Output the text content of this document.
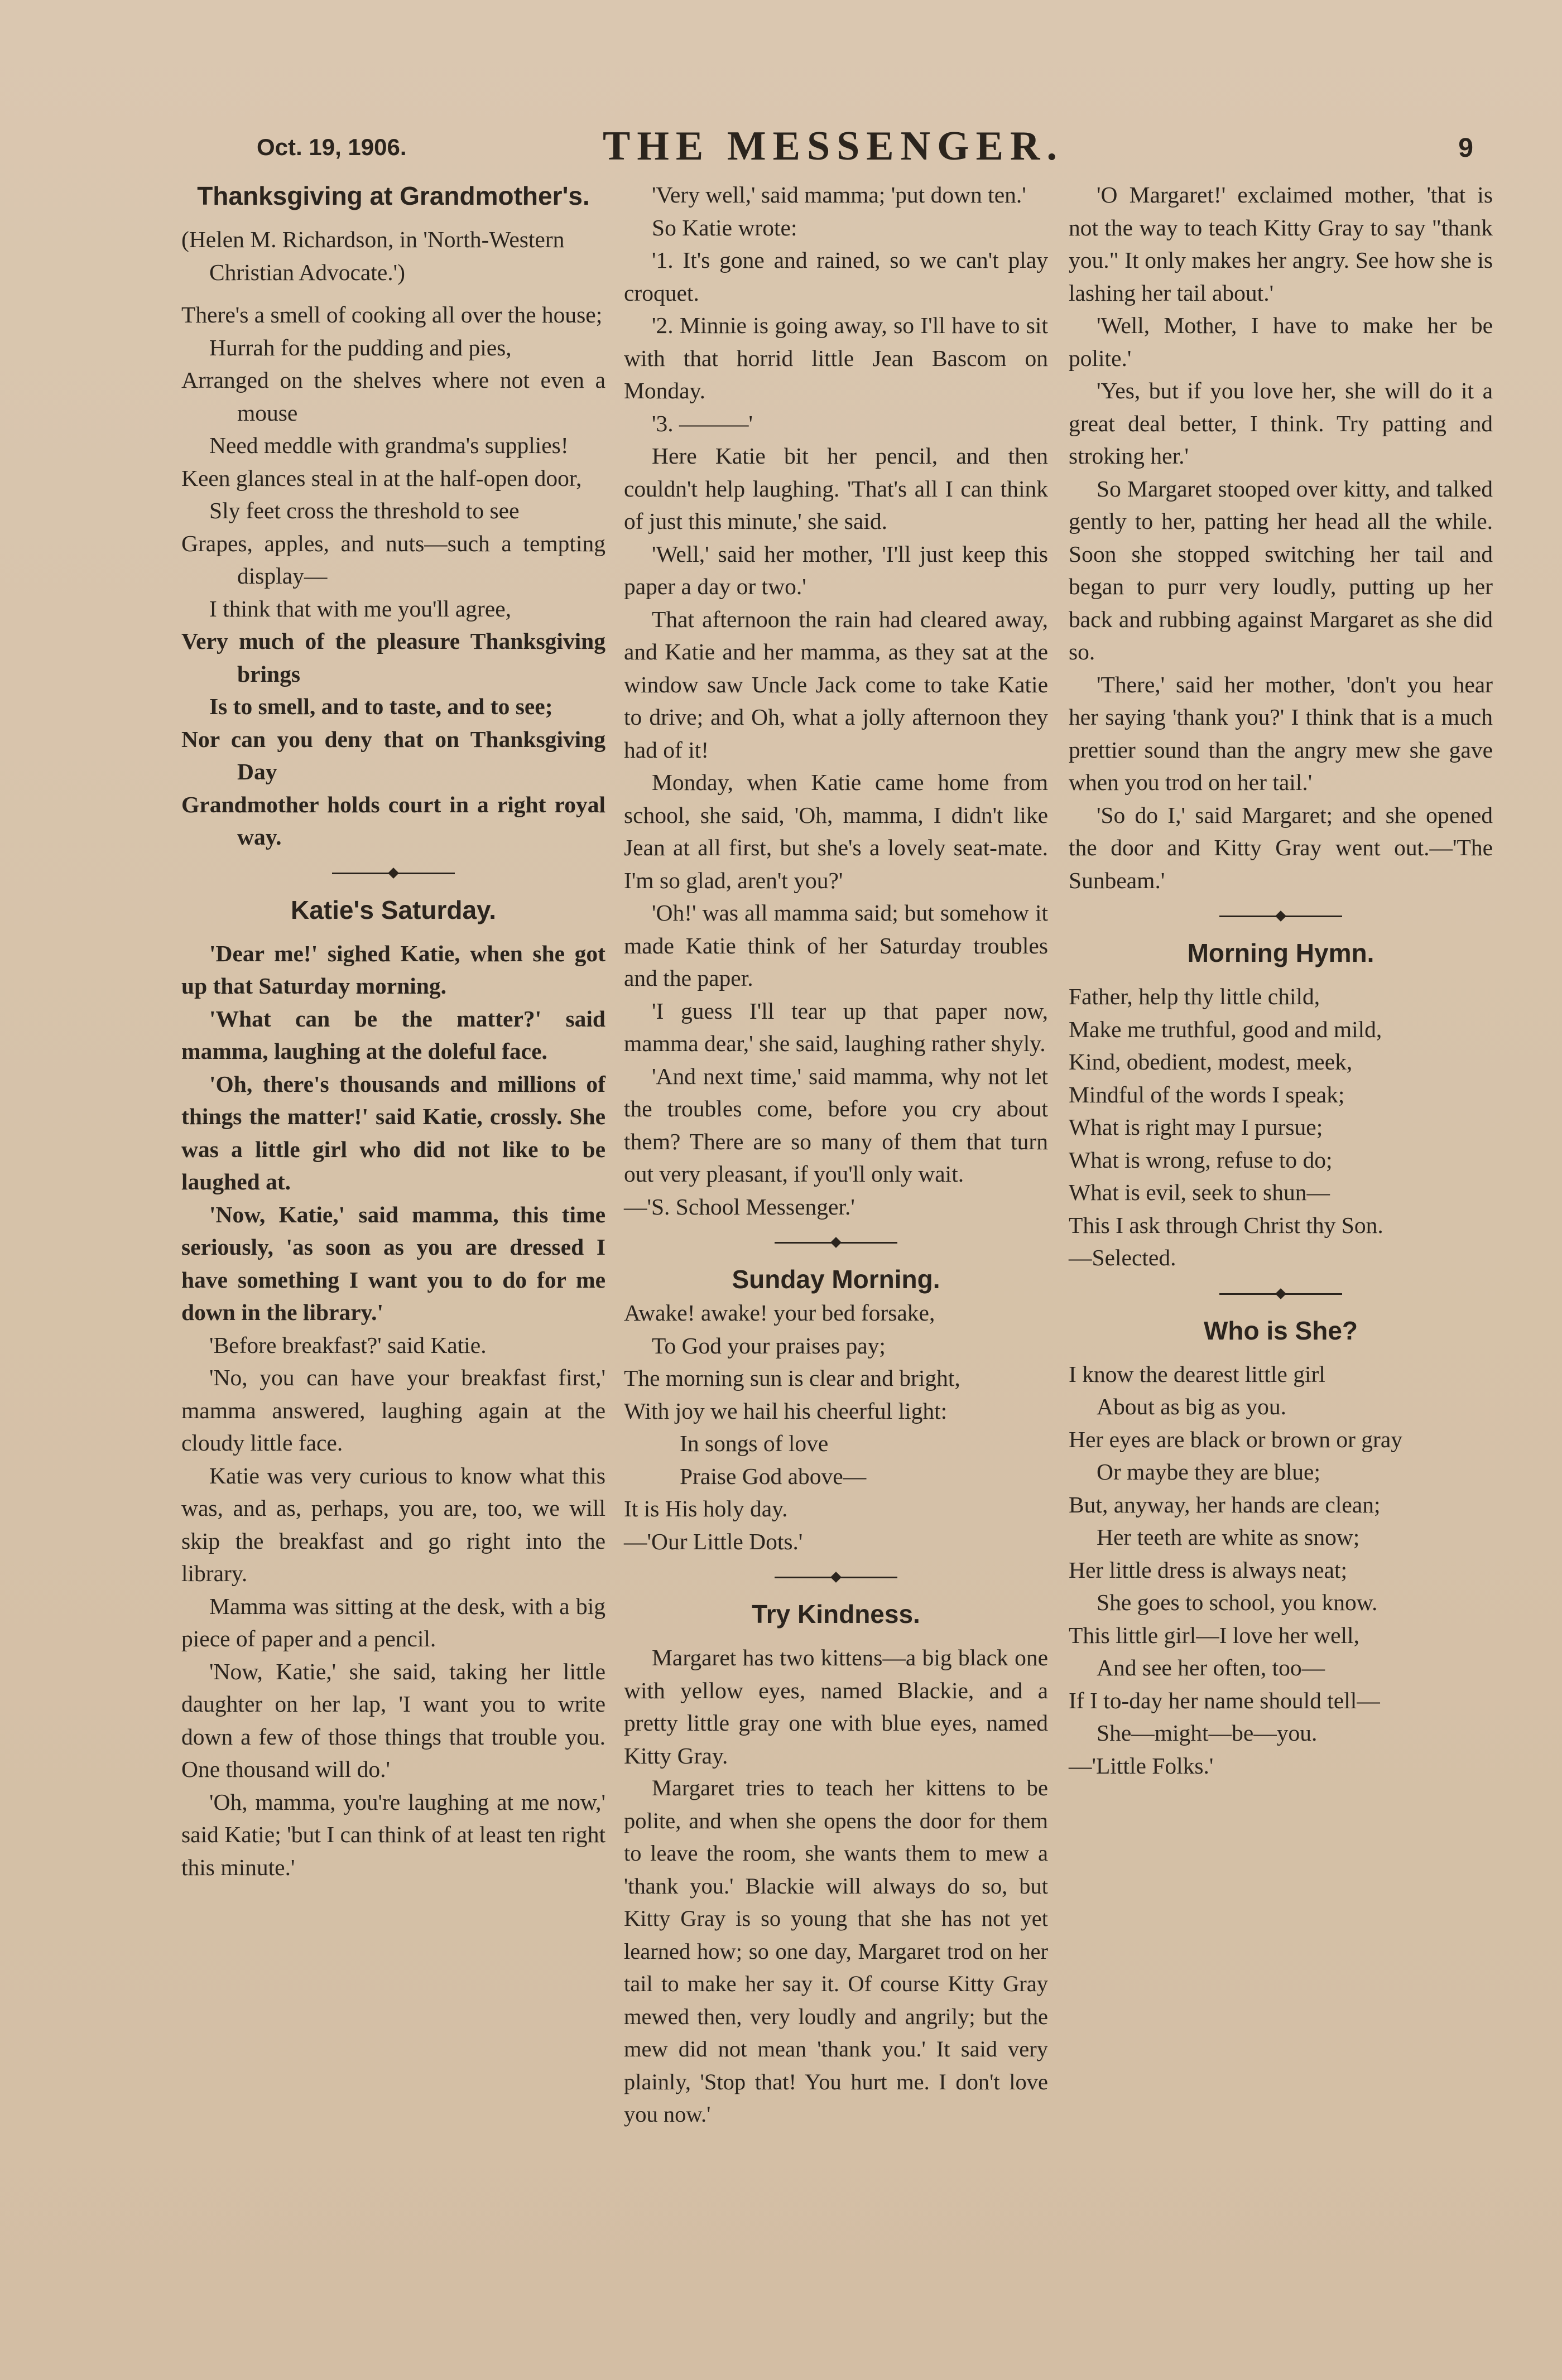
Oct. 19, 1906.	THE MESSENGER.	9
Thanksgiving at Grandmother's.

(Helen M. Richardson, in 'North-Western Christian Advocate.')

There's a smell of cooking all over the house;

Hurrah for the pudding and pies,

Arranged on the shelves where not even a mouse

Need meddle with grandma's supplies!

Keen glances steal in at the half-open door,

Sly feet cross the threshold to see

Grapes, apples, and nuts—such a tempting display—

I think that with me you'll agree,

Very much of the pleasure Thanksgiving brings

Is to smell, and to taste, and to see;

Nor can you deny that on Thanksgiving Day

Grandmother holds court in a right royal way.

Katie's Saturday.

'Dear me!' sighed Katie, when she got up that Saturday morning.

'What can be the matter?' said mamma, laughing at the doleful face.

'Oh, there's thousands and millions of things the matter!' said Katie, crossly. She was a little girl who did not like to be laughed at.

'Now, Katie,' said mamma, this time seriously, 'as soon as you are dressed I have something I want you to do for me down in the library.'

'Before breakfast?' said Katie.

'No, you can have your breakfast first,' mamma answered, laughing again at the cloudy little face.

Katie was very curious to know what this was, and as, perhaps, you are, too, we will skip the breakfast and go right into the library.

Mamma was sitting at the desk, with a big piece of paper and a pencil.

'Now, Katie,' she said, taking her little daughter on her lap, 'I want you to write down a few of those things that trouble you. One thousand will do.'

'Oh, mamma, you're laughing at me now,' said Katie; 'but I can think of at least ten right this minute.'

'Very well,' said mamma; 'put down ten.'

So Katie wrote:

'1. It's gone and rained, so we can't play croquet.

'2. Minnie is going away, so I'll have to sit with that horrid little Jean Bascom on Monday.

'3. ———'

Here Katie bit her pencil, and then couldn't help laughing. 'That's all I can think of just this minute,' she said.

'Well,' said her mother, 'I'll just keep this paper a day or two.'

That afternoon the rain had cleared away, and Katie and her mamma, as they sat at the window saw Uncle Jack come to take Katie to drive; and Oh, what a jolly afternoon they had of it!

Monday, when Katie came home from school, she said, 'Oh, mamma, I didn't like Jean at all first, but she's a lovely seat-mate. I'm so glad, aren't you?'

'Oh!' was all mamma said; but somehow it made Katie think of her Saturday troubles and the paper.

'I guess I'll tear up that paper now, mamma dear,' she said, laughing rather shyly.

'And next time,' said mamma, why not let the troubles come, before you cry about them? There are so many of them that turn out very pleasant, if you'll only wait.

—'S. School Messenger.'

Sunday Morning.

Awake! awake! your bed forsake,

To God your praises pay;

The morning sun is clear and bright,

With joy we hail his cheerful light:

In songs of love

Praise God above—

It is His holy day.

—'Our Little Dots.'

Try Kindness.

Margaret has two kittens—a big black one with yellow eyes, named Blackie, and a pretty little gray one with blue eyes, named Kitty Gray.

Margaret tries to teach her kittens to be polite, and when she opens the door for them to leave the room, she wants them to mew a 'thank you.' Blackie will always do so, but Kitty Gray is so young that she has not yet learned how; so one day, Margaret trod on her tail to make her say it. Of course Kitty Gray mewed then, very loudly and angrily; but the mew did not mean 'thank you.' It said very plainly, 'Stop that! You hurt me. I don't love you now.'

'O Margaret!' exclaimed mother, 'that is not the way to teach Kitty Gray to say "thank you." It only makes her angry. See how she is lashing her tail about.'

'Well, Mother, I have to make her be polite.'

'Yes, but if you love her, she will do it a great deal better, I think. Try patting and stroking her.'

So Margaret stooped over kitty, and talked gently to her, patting her head all the while. Soon she stopped switching her tail and began to purr very loudly, putting up her back and rubbing against Margaret as she did so.

'There,' said her mother, 'don't you hear her saying 'thank you?' I think that is a much prettier sound than the angry mew she gave when you trod on her tail.'

'So do I,' said Margaret; and she opened the door and Kitty Gray went out.—'The Sunbeam.'

Morning Hymn.

Father, help thy little child,

Make me truthful, good and mild,

Kind, obedient, modest, meek,

Mindful of the words I speak;

What is right may I pursue;

What is wrong, refuse to do;

What is evil, seek to shun—

This I ask through Christ thy Son.

—Selected.

Who is She?

I know the dearest little girl

About as big as you.

Her eyes are black or brown or gray

Or maybe they are blue;

But, anyway, her hands are clean;

Her teeth are white as snow;

Her little dress is always neat;

She goes to school, you know.

This little girl—I love her well,

And see her often, too—

If I to-day her name should tell—

She—might—be—you.

—'Little Folks.'
